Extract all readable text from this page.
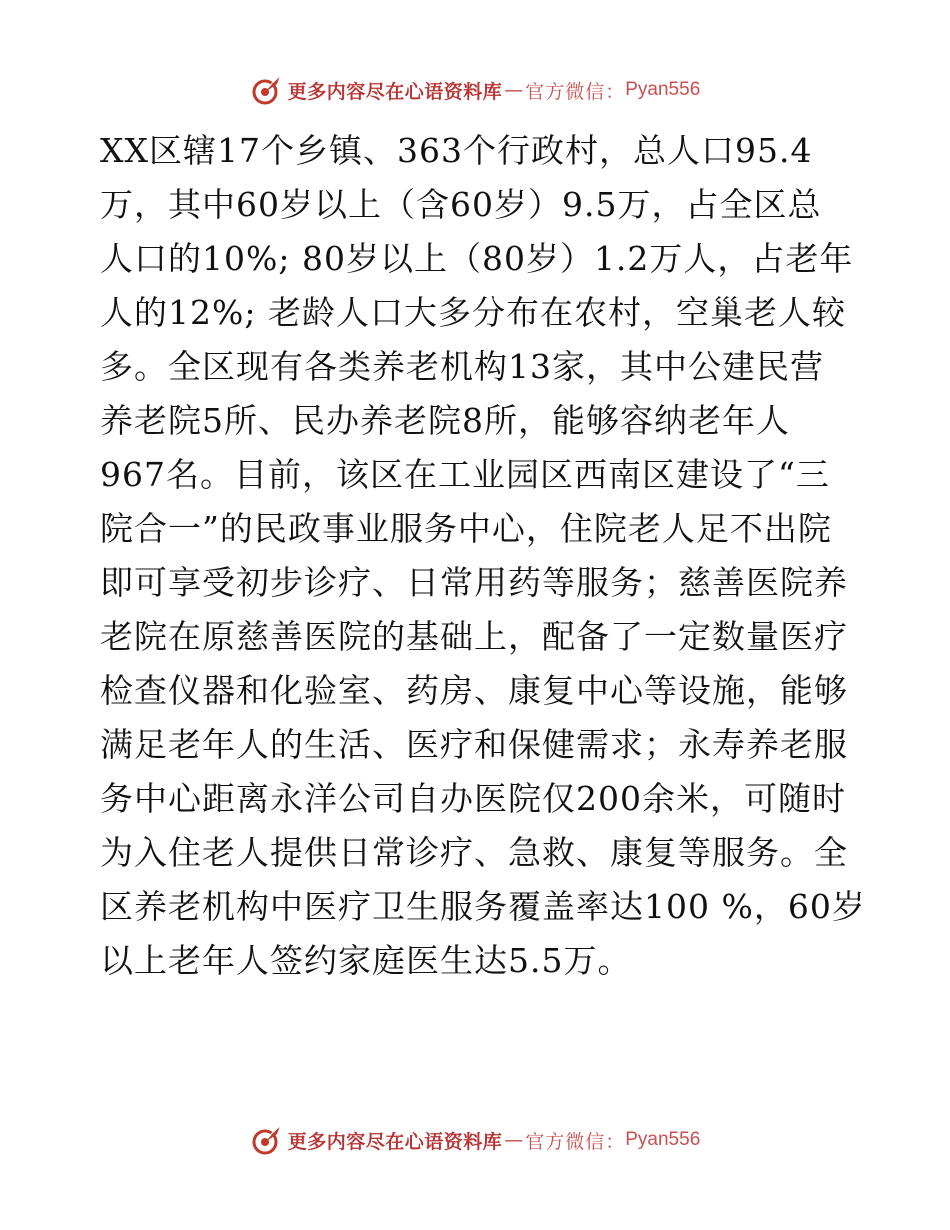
更多内容尽在心语资料库 — 官方微信： Pyan556
XX区辖17个乡镇、363个行政村，总人口95.4
万，其中60岁以上（含60岁）9.5万，占全区总
人口的10%; 80岁以上（80岁）1.2万人，占老年
人的12%; 老龄人口大多分布在农村，空巢老人较
多。全区现有各类养老机构13家，其中公建民营
养老院5所、民办养老院8所，能够容纳老年人
967名。目前，该区在工业园区西南区建设了“三
院合一”的民政事业服务中心，住院老人足不出院
即可享受初步诊疗、日常用药等服务；慈善医院养
老院在原慈善医院的基础上，配备了一定数量医疗
检查仪器和化验室、药房、康复中心等设施，能够
满足老年人的生活、医疗和保健需求；永寿养老服
务中心距离永洋公司自办医院仅200余米，可随时
为入住老人提供日常诊疗、急救、康复等服务。全
区养老机构中医疗卫生服务覆盖率达100 %，60岁
以上老年人签约家庭医生达5.5万。
更多内容尽在心语资料库 — 官方微信： Pyan556
